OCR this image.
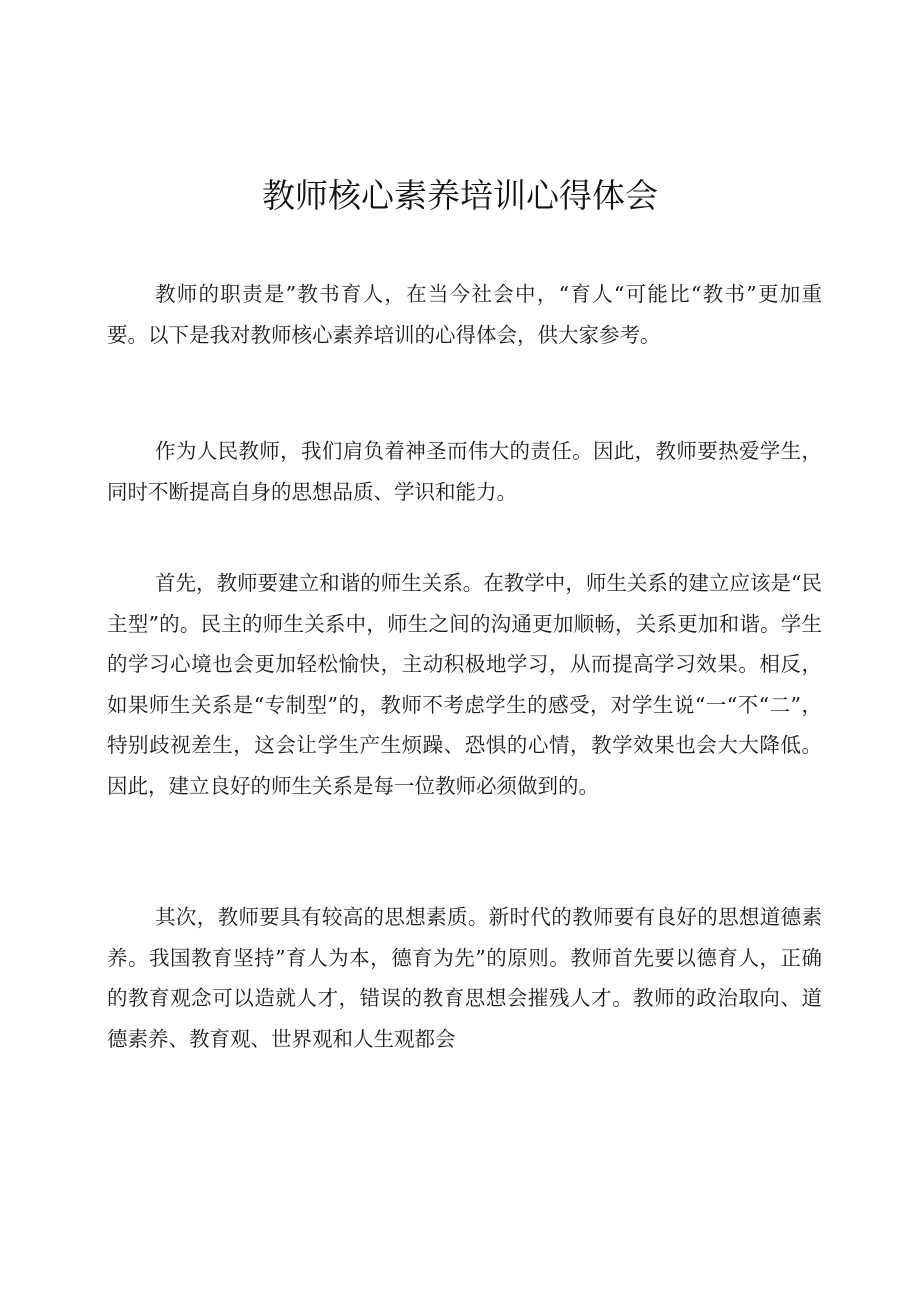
教师核心素养培训心得体会

教师的职责是”教书育人，在当今社会中，“育人“可能比“教书”更加重要。以下是我对教师核心素养培训的心得体会，供大家参考。

作为人民教师，我们肩负着神圣而伟大的责任。因此，教师要热爱学生，同时不断提高自身的思想品质、学识和能力。

首先，教师要建立和谐的师生关系。在教学中，师生关系的建立应该是“民主型”的。民主的师生关系中，师生之间的沟通更加顺畅，关系更加和谐。学生的学习心境也会更加轻松愉快，主动积极地学习，从而提高学习效果。相反，如果师生关系是“专制型”的，教师不考虑学生的感受，对学生说“一“不“二”，特别歧视差生，这会让学生产生烦躁、恐惧的心情，教学效果也会大大降低。因此，建立良好的师生关系是每一位教师必须做到的。

其次，教师要具有较高的思想素质。新时代的教师要有良好的思想道德素养。我国教育坚持”育人为本，德育为先”的原则。教师首先要以德育人，正确的教育观念可以造就人才，错误的教育思想会摧残人才。教师的政治取向、道德素养、教育观、世界观和人生观都会
